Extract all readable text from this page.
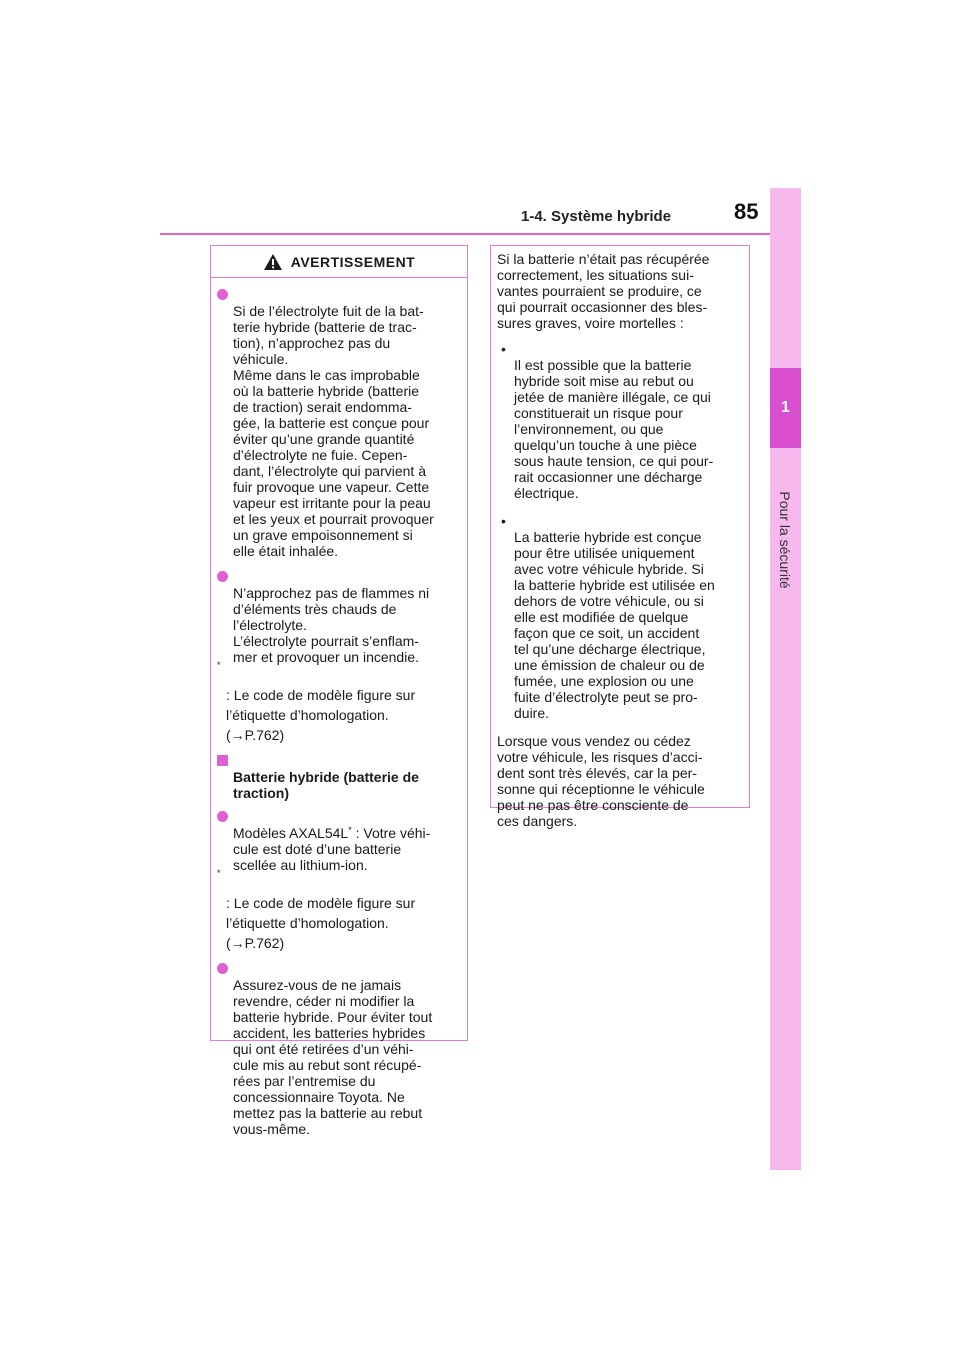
1-4. Système hybride	85
1
Pour la sécurité
AVERTISSEMENT

Si de l’électrolyte fuit de la bat-
terie hybride (batterie de trac-
tion), n’approchez pas du
véhicule.
Même dans le cas improbable
où la batterie hybride (batterie
de traction) serait endomma-
gée, la batterie est conçue pour
éviter qu’une grande quantité
d’électrolyte ne fuie. Cepen-
dant, l’électrolyte qui parvient à
fuir provoque une vapeur. Cette
vapeur est irritante pour la peau
et les yeux et pourrait provoquer
un grave empoisonnement si
elle était inhalée.

N’approchez pas de flammes ni
d’éléments très chauds de
l’électrolyte.
L’électrolyte pourrait s’enflam-
mer et provoquer un incendie.

*
: Le code de modèle figure sur
l’étiquette d’homologation.
(→P.762)

Batterie hybride (batterie de
traction)

Modèles AXAL54L* : Votre véhi-
cule est doté d’une batterie
scellée au lithium-ion.

*
: Le code de modèle figure sur
l’étiquette d’homologation.
(→P.762)

Assurez-vous de ne jamais
revendre, céder ni modifier la
batterie hybride. Pour éviter tout
accident, les batteries hybrides
qui ont été retirées d’un véhi-
cule mis au rebut sont récupé-
rées par l’entremise du
concessionnaire Toyota. Ne
mettez pas la batterie au rebut
vous-même.

Si la batterie n’était pas récupérée
correctement, les situations sui-
vantes pourraient se produire, ce
qui pourrait occasionner des bles-
sures graves, voire mortelles :

•
Il est possible que la batterie
hybride soit mise au rebut ou
jetée de manière illégale, ce qui
constituerait un risque pour
l’environnement, ou que
quelqu’un touche à une pièce
sous haute tension, ce qui pour-
rait occasionner une décharge
électrique.

•
La batterie hybride est conçue
pour être utilisée uniquement
avec votre véhicule hybride. Si
la batterie hybride est utilisée en
dehors de votre véhicule, ou si
elle est modifiée de quelque
façon que ce soit, un accident
tel qu’une décharge électrique,
une émission de chaleur ou de
fumée, une explosion ou une
fuite d’électrolyte peut se pro-
duire.

Lorsque vous vendez ou cédez
votre véhicule, les risques d’acci-
dent sont très élevés, car la per-
sonne qui réceptionne le véhicule
peut ne pas être consciente de
ces dangers.
